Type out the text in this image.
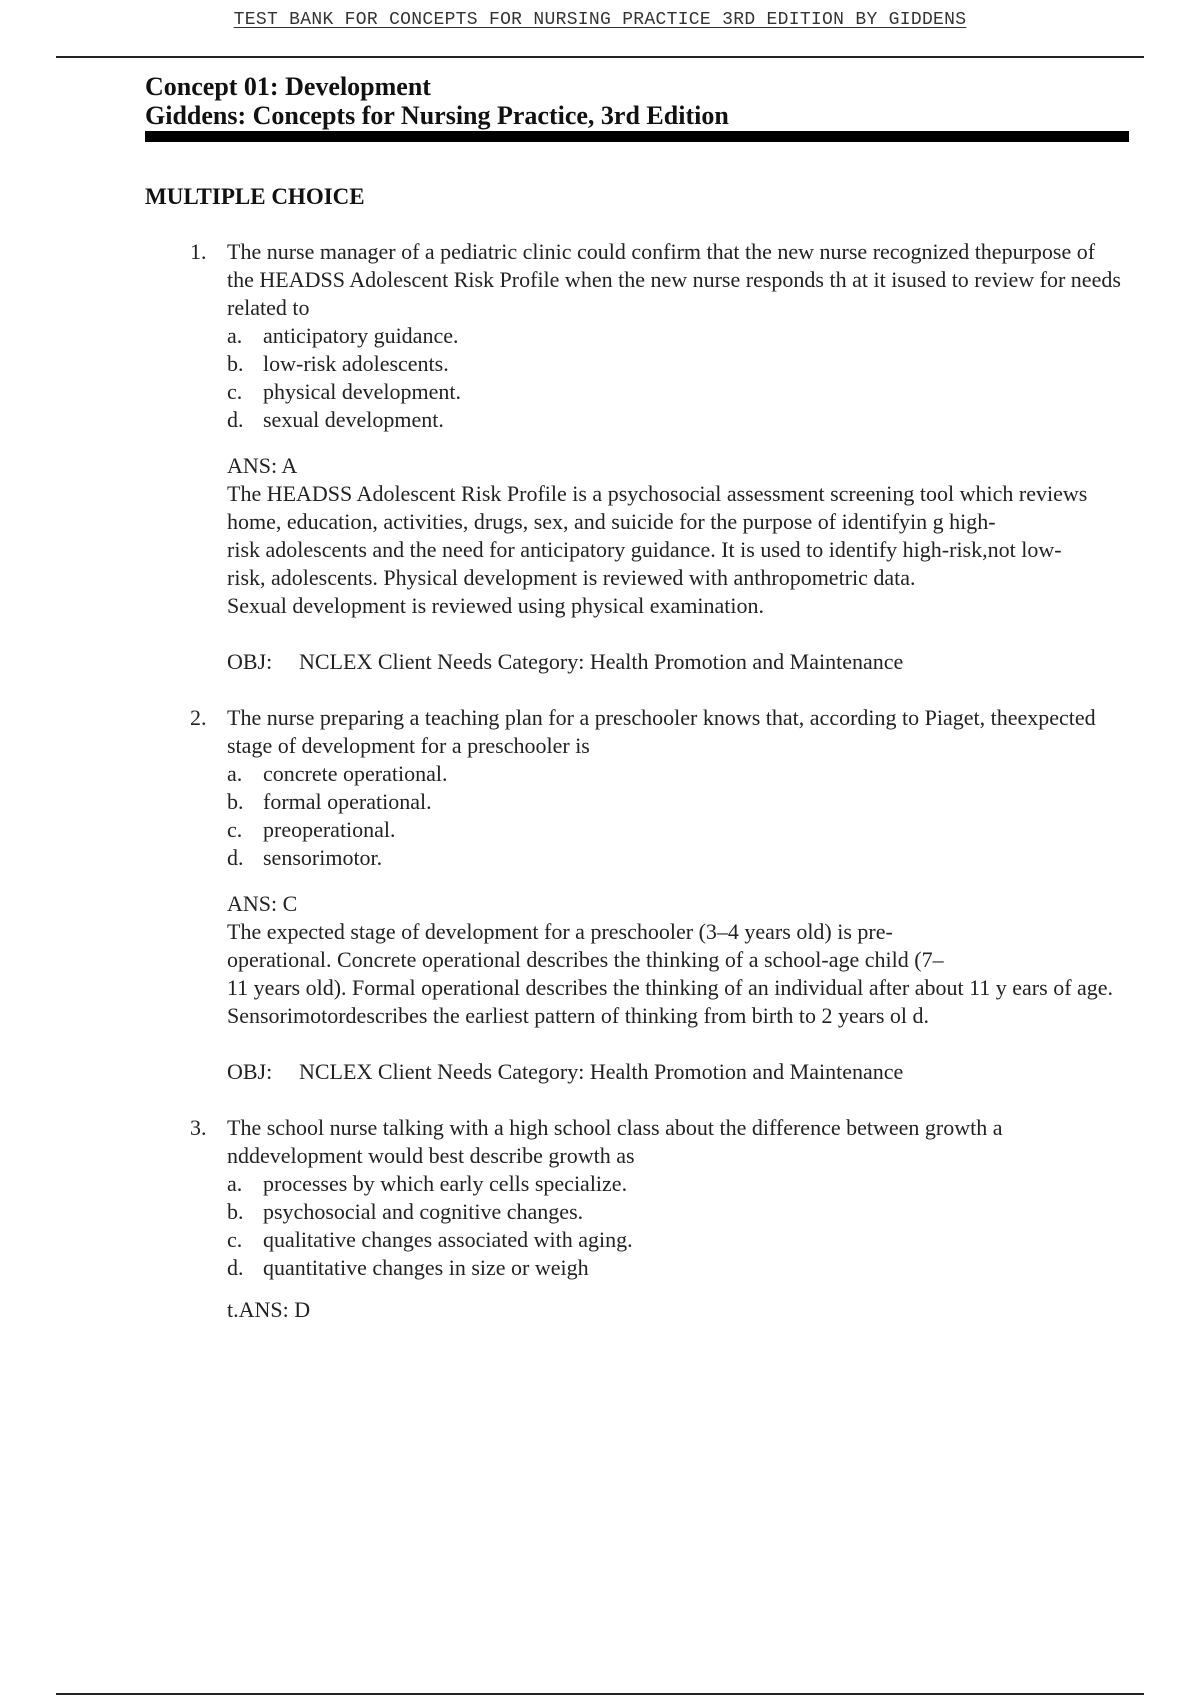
TEST BANK FOR CONCEPTS FOR NURSING PRACTICE 3RD EDITION BY GIDDENS
Concept 01: Development
Giddens: Concepts for Nursing Practice, 3rd Edition
MULTIPLE CHOICE
1. The nurse manager of a pediatric clinic could confirm that the new nurse recognized thepurpose of the HEADSS Adolescent Risk Profile when the new nurse responds th at it isused to review for needs related to

a. anticipatory guidance.
b. low-risk adolescents.
c. physical development.
d. sexual development.
ANS: A

The HEADSS Adolescent Risk Profile is a psychosocial assessment screening tool which reviews home, education, activities, drugs, sex, and suicide for the purpose of identifyin g high-

risk adolescents and the need for anticipatory guidance. It is used to identify high-risk,not low-

risk, adolescents. Physical development is reviewed with anthropometric data.

Sexual development is reviewed using physical examination.

OBJ:	NCLEX Client Needs Category: Health Promotion and Maintenance
2. The nurse preparing a teaching plan for a preschooler knows that, according to Piaget, theexpected stage of development for a preschooler is

a. concrete operational.
b. formal operational.
c. preoperational.
d. sensorimotor.
ANS: C

The expected stage of development for a preschooler (3–4 years old) is pre-

operational. Concrete operational describes the thinking of a school-age child (7–

11 years old). Formal operational describes the thinking of an individual after about 11 y ears of age. Sensorimotordescribes the earliest pattern of thinking from birth to 2 years ol d.

OBJ:	NCLEX Client Needs Category: Health Promotion and Maintenance
3. The school nurse talking with a high school class about the difference between growth a nddevelopment would best describe growth as

a. processes by which early cells specialize.
b. psychosocial and cognitive changes.
c. qualitative changes associated with aging.
d. quantitative changes in size or weigh
t.ANS: D
